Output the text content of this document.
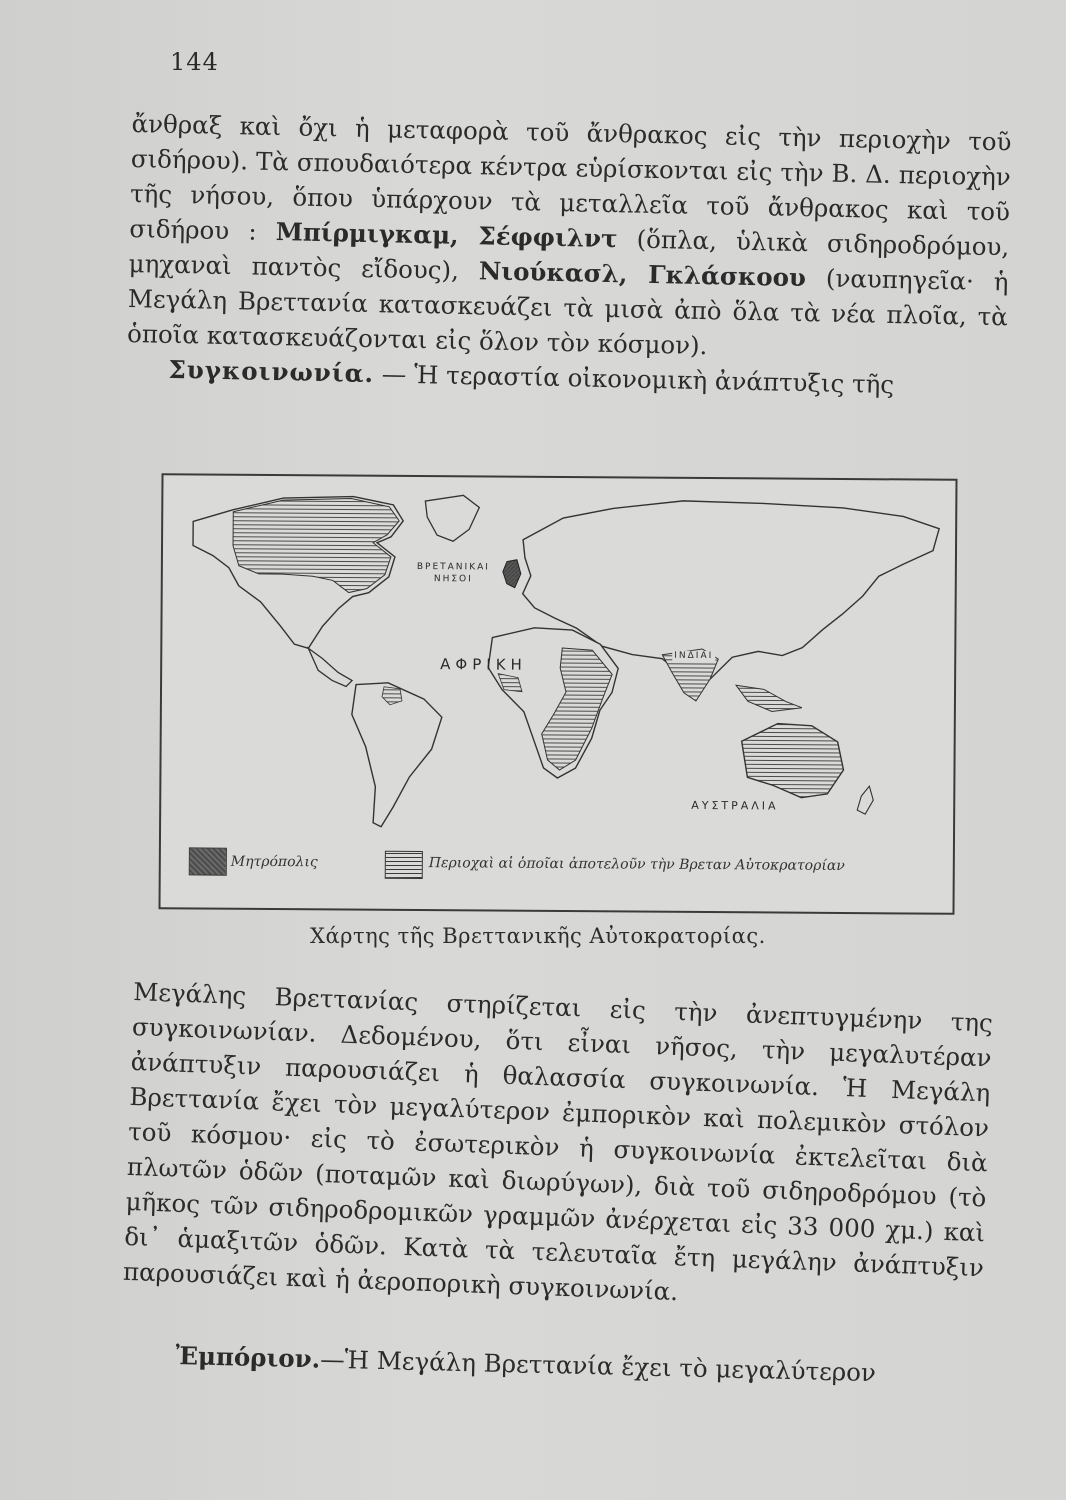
144

ἄνθραξ καὶ ὄχι ἡ μεταφορὰ τοῦ ἄνθρακος εἰς τὴν περιοχὴν τοῦ σιδήρου). Τὰ σπουδαιότερα κέντρα εὑρίσκονται εἰς τὴν Β. Δ. περιοχὴν τῆς νήσου, ὅπου ὑπάρχουν τὰ μεταλλεῖα τοῦ ἄνθρακος καὶ τοῦ σιδήρου : Μπίρμιγκαμ, Σέφφιλντ (ὅπλα, ὑλικὰ σιδηροδρόμου, μηχαναὶ παντὸς εἴδους), Νιούκασλ, Γκλάσκοου (ναυπηγεῖα· ἡ Μεγάλη Βρεττανία κατασκευάζει τὰ μισὰ ἀπὸ ὅλα τὰ νέα πλοῖα, τὰ ὁποῖα κατασκευάζονται εἰς ὅλον τὸν κόσμον).
Συγκοινωνία. — Ἡ τεραστία οἰκονομικὴ ἀνάπτυξις τῆς

ΒΡΕΤΑΝΙΚΑΙ
ΝΗΣΟΙ
ΑΦΡΙΚΗ	ΙΝΔΙΑΙ
ΑΥΣΤΡΑΛΙΑ
Μητρόπολις	Περιοχαὶ αἱ ὁποῖαι ἀποτελοῦν τὴν Βρεταν Αὐτοκρατορίαν
Χάρτης τῆς Βρεττανικῆς Αὐτοκρατορίας.

Μεγάλης Βρεττανίας στηρίζεται εἰς τὴν ἀνεπτυγμένην της συγκοινωνίαν. Δεδομένου, ὅτι εἶναι νῆσος, τὴν μεγαλυτέραν ἀνάπτυξιν παρουσιάζει ἡ θαλασσία συγκοινωνία. Ἡ Μεγάλη Βρεττανία ἔχει τὸν μεγαλύτερον ἐμπορικὸν καὶ πολεμικὸν στόλον τοῦ κόσμου· εἰς τὸ ἐσωτερικὸν ἡ συγκοινωνία ἐκτελεῖται διὰ πλωτῶν ὁδῶν (ποταμῶν καὶ διωρύγων), διὰ τοῦ σιδηροδρόμου (τὸ μῆκος τῶν σιδηροδρομικῶν γραμμῶν ἀνέρχεται εἰς 33 000 χμ.) καὶ δι᾿ ἁμαξιτῶν ὁδῶν. Κατὰ τὰ τελευταῖα ἔτη μεγάλην ἀνάπτυξιν παρουσιάζει καὶ ἡ ἀεροπορικὴ συγκοινωνία.

Ἐμπόριον.—Ἡ Μεγάλη Βρεττανία ἔχει τὸ μεγαλύτερον
